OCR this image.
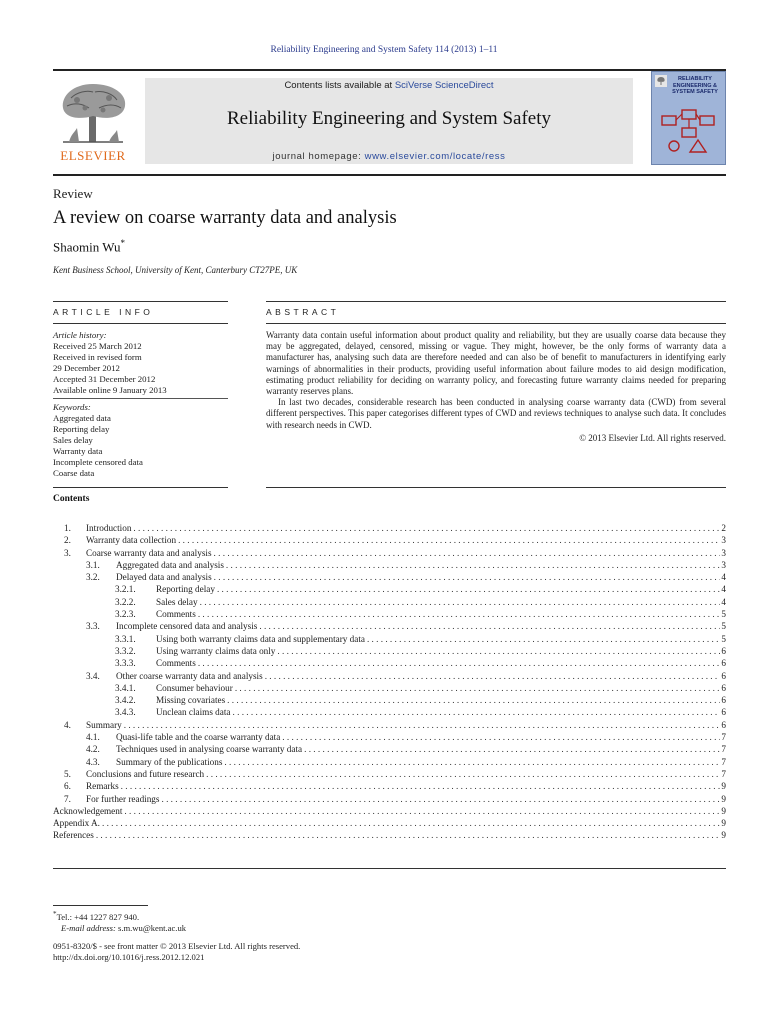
Reliability Engineering and System Safety 114 (2013) 1–11
ELSEVIER
Contents lists available at SciVerse ScienceDirect
Reliability Engineering and System Safety
journal homepage: www.elsevier.com/locate/ress
RELIABILITY ENGINEERING & SYSTEM SAFETY
Review
A review on coarse warranty data and analysis
Shaomin Wu*
Kent Business School, University of Kent, Canterbury CT27PE, UK
ARTICLE INFO	ABSTRACT
Article history:
Received 25 March 2012
Received in revised form
29 December 2012
Accepted 31 December 2012
Available online 9 January 2013
Keywords:
Aggregated data
Reporting delay
Sales delay
Warranty data
Incomplete censored data
Coarse data

Warranty data contain useful information about product quality and reliability, but they are usually coarse data because they may be aggregated, delayed, censored, missing or vague. They might, however, be the only forms of warranty data a manufacturer has, analysing such data are therefore needed and can also be of benefit to manufacturers in identifying early warnings of abnormalities in their products, providing useful information about failure modes to aid design modification, estimating product reliability for deciding on warranty policy, and forecasting future warranty claims needed for preparing warranty reserves plans.

In last two decades, considerable research has been conducted in analysing coarse warranty data (CWD) from several different perspectives. This paper categorises different types of CWD and reviews techniques to analyse such data. It concludes with research needs in CWD.

© 2013 Elsevier Ltd. All rights reserved.

Contents
1.	Introduction . . .	2
2.	Warranty data collection . . .	3
3.	Coarse warranty data and analysis . . .	3
3.1.	Aggregated data and analysis . . .	3
3.2.	Delayed data and analysis . . .	4
3.2.1.	Reporting delay . . .	4
3.2.2.	Sales delay . . .	4
3.2.3.	Comments . . .	5
3.3.	Incomplete censored data and analysis . . .	5
3.3.1.	Using both warranty claims data and supplementary data . . .	5
3.3.2.	Using warranty claims data only . . .	6
3.3.3.	Comments . . .	6
3.4.	Other coarse warranty data and analysis . . .	6
3.4.1.	Consumer behaviour . . .	6
3.4.2.	Missing covariates . . .	6
3.4.3.	Unclean claims data . . .	6
4.	Summary . . .	6
4.1.	Quasi-life table and the coarse warranty data . . .	7
4.2.	Techniques used in analysing coarse warranty data . . .	7
4.3.	Summary of the publications . . .	7
5.	Conclusions and future research . . .	7
6.	Remarks . . .	9
7.	For further readings . . .	9
Acknowledgement . . .	9
Appendix A. . . .	9
References . . .	9
*Tel.: +44 1227 827 940.
E-mail address: s.m.wu@kent.ac.uk
0951-8320/$ - see front matter © 2013 Elsevier Ltd. All rights reserved.
http://dx.doi.org/10.1016/j.ress.2012.12.021
